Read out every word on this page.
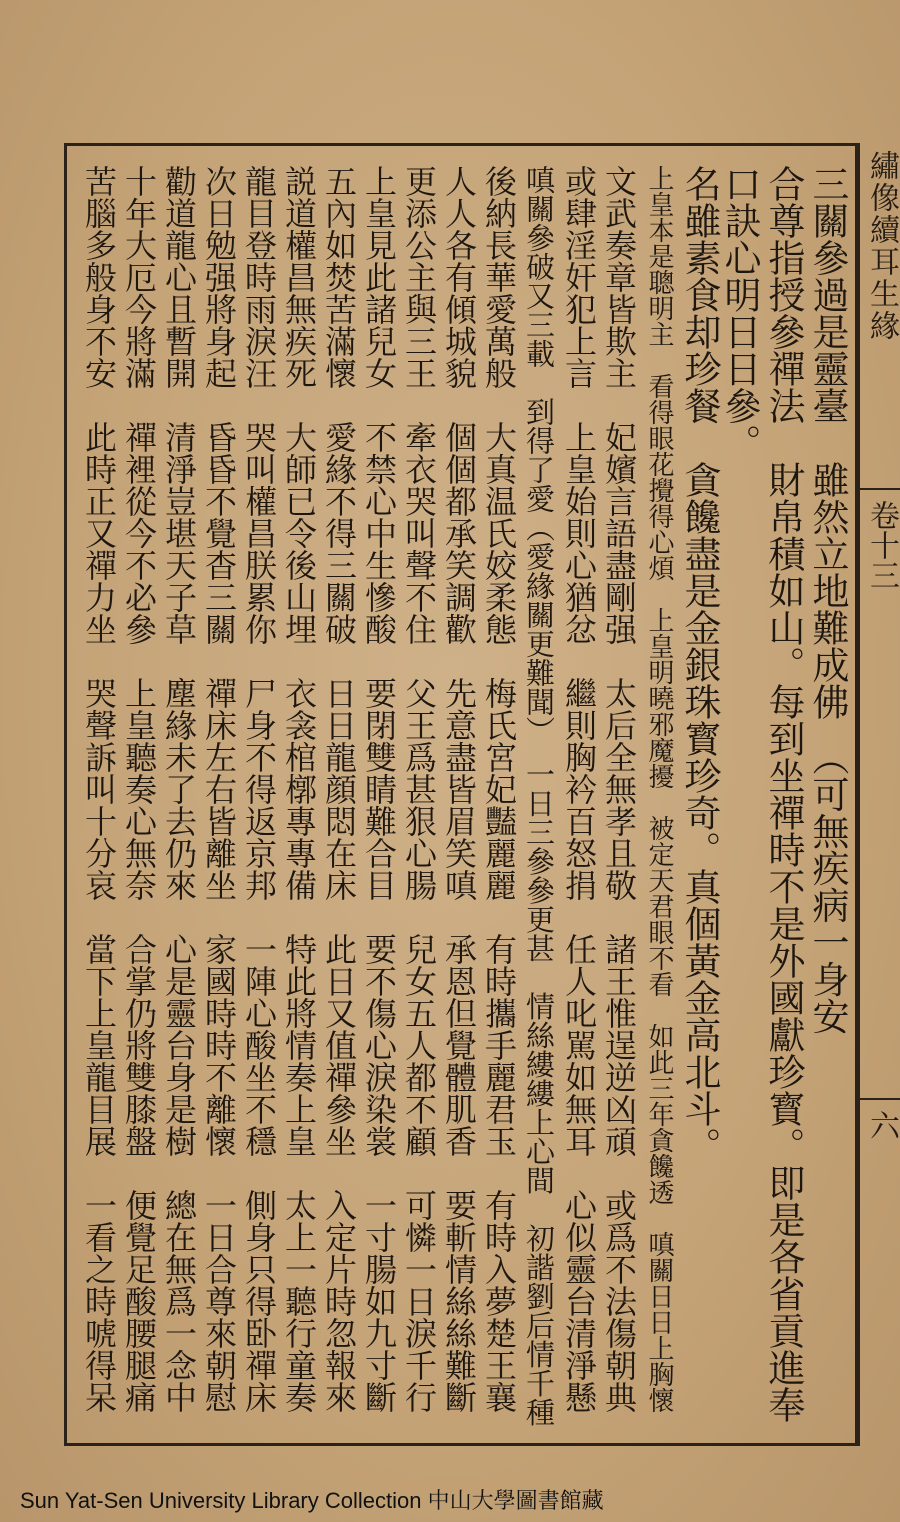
繡像續耳生緣
卷十三
六
三關參過是靈臺　雖然立地難成佛　（可無疾病一身安
合尊指授參禪法　財帛積如山。每到坐禪時不是外國獻珍寳。即是各省貢進奉
口訣心明日日參。
名雖素食却珍餐　貪饞盡是金銀珠寳珍奇。真個黃金高北斗。
上皇本是聰明主　看得眼花攪得心煩　上皇明曉邪魔擾　被定天君眼不看　如此三年貪饞透　嗔關日日上胸懷
文武奏章皆欺主　妃嬪言語盡剛强　太后全無孝且敬　諸王惟逞逆凶頑　或爲不法傷朝典
或肆淫奸犯上言　上皇始則心猶忿　繼則胸衿百怒捐　任人叱駡如無耳　心似靈台清淨懸
嗔關參破又三載　到得了愛（愛緣關更難聞）　一日三參參更甚　情絲縷縷上心間　初諧劉后情千種
後納長華愛萬般　大真温氏姣柔態　梅氏宮妃豔麗麗　有時攜手麗君玉　有時入夢楚王襄
人人各有傾城貌　個個都承笑調歡　先意盡皆眉笑嗔　承恩但覺體肌香　要斬情絲絲難斷
更添公主與三王　牽衣哭叫聲不住　父王爲甚狠心腸　兒女五人都不顧　可憐一日淚千行
上皇見此諸兒女　不禁心中生慘酸　要閉雙睛難合目　要不傷心淚染裳　一寸腸如九寸斷
五內如焚苦滿懷　愛緣不得三關破　日日龍顔悶在床　此日又值禪參坐　入定片時忽報來
説道權昌無疾死　大師已令後山埋　衣衾棺槨專專備　特此將情奏上皇　太上一聽行童奏
龍目登時雨淚汪　哭叫權昌朕累你　尸身不得返京邦　一陣心酸坐不穩　側身只得卧禪床
次日勉强將身起　昏昏不覺杳三關　禪床左右皆離坐　家國時時不離懷　一日合尊來朝慰
勸道龍心且暫開　清淨豈堪天子草　塵緣未了去仍來　心是靈台身是樹　總在無爲一念中
十年大厄今將滿　禪裡從今不必參　上皇聽奏心無奈　合掌仍將雙膝盤　便覺足酸腰腿痛
苦腦多般身不安　此時正又禪力坐　哭聲訴叫十分哀　當下上皇龍目展　一看之時唬得呆
Sun Yat-Sen University Library Collection 中山大學圖書館藏
